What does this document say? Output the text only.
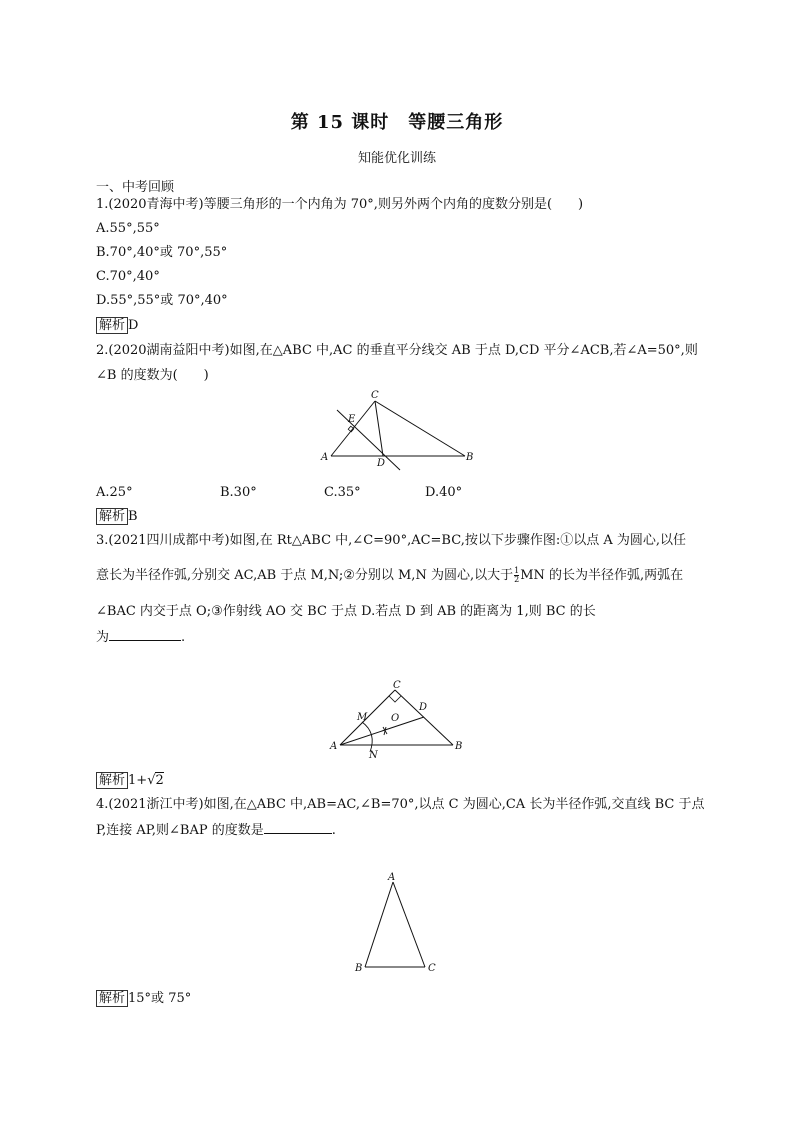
第 15 课时　等腰三角形
知能优化训练
一、中考回顾
1.(2020青海中考)等腰三角形的一个内角为 70°,则另外两个内角的度数分别是(　　)
A.55°,55°
B.70°,40°或 70°,55°
C.70°,40°
D.55°,55°或 70°,40°
解析 D
2.(2020湖南益阳中考)如图,在△ABC 中,AC 的垂直平分线交 AB 于点 D,CD 平分∠ACB,若∠A=50°,则
∠B 的度数为(　　)
C
E
A
D
B
A.25°	B.30°	C.35°	D.40°
解析 B
3.(2021四川成都中考)如图,在 Rt△ABC 中,∠C=90°,AC=BC,按以下步骤作图:①以点 A 为圆心,以任
意长为半径作弧,分别交 AC,AB 于点 M,N;②分别以 M,N 为圆心,以大于 $\frac{1}{2}$ MN 的长为半径作弧,两弧在
∠BAC 内交于点 O;③作射线 AO 交 BC 于点 D.若点 D 到 AB 的距离为 1,则 BC 的长
为	.
C
M O
D
A
N
B
解析 1+√2
4.(2021浙江中考)如图,在△ABC 中,AB=AC,∠B=70°,以点 C 为圆心,CA 长为半径作弧,交直线 BC 于点
P,连接 AP,则∠BAP 的度数是	.
A
B	C
解析 15°或 75°
